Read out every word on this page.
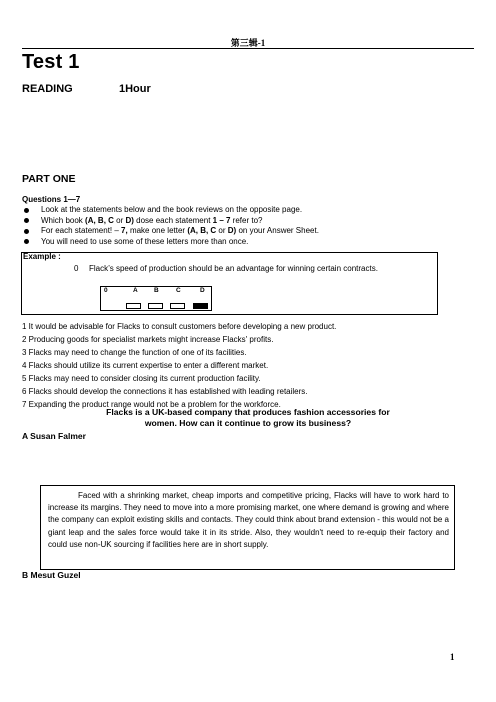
第三辑-1
Test 1
READING	1Hour
PART ONE
Questions 1—7
Look at the statements below and the book reviews on the opposite page.
Which book (A, B, C or D) dose each statement 1 – 7 refer to?
For each statement! – 7, make one letter (A, B, C or D) on your Answer Sheet.
You will need to use some of these letters more than once.
Example :
0 Flack’s speed of production should be an advantage for winning certain contracts.
0	A	B	C	D
1 It would be advisable for Flacks to consult customers before developing a new product.
2 Producing goods for specialist markets might increase Flacks' profits.
3 Flacks may need to change the function of one of its facilities.
4 Flacks should utilize its current expertise to enter a different market.
5 Flacks may need to consider closing its current production facility.
6 Flacks should develop the connections it has established with leading retailers.
7 Expanding the product range would not be a problem for the workforce.
Flacks is a UK-based company that produces fashion accessories for
women. How can it continue to grow its business?
A Susan Falmer
Faced with a shrinking market, cheap imports and competitive pricing, Flacks will have to work hard to increase its margins. They need to move into a more promising market, one where demand is growing and where the company can exploit existing skills and contacts. They could think about brand extension - this would not be a giant leap and the sales force would take it in its stride. Also, they wouldn't need to re-equip their factory and could use non-UK sourcing if facilities here are in short supply.
B Mesut Guzel
1
